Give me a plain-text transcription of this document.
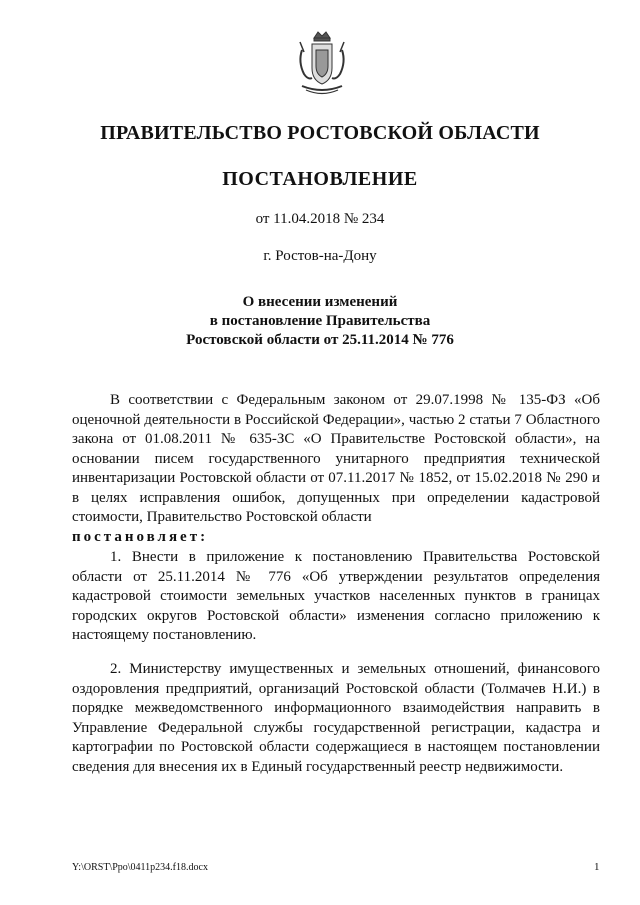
ПРАВИТЕЛЬСТВО РОСТОВСКОЙ ОБЛАСТИ
ПОСТАНОВЛЕНИЕ
от 11.04.2018 № 234
г. Ростов-на-Дону
О внесении изменений
в постановление Правительства
Ростовской области от 25.11.2014 № 776
В соответствии с Федеральным законом от 29.07.1998 № 135-ФЗ «Об оценочной деятельности в Российской Федерации», частью 2 статьи 7 Областного закона от 01.08.2011 № 635-ЗС «О Правительстве Ростовской области», на основании писем государственного унитарного предприятия технической инвентаризации Ростовской области от 07.11.2017 № 1852, от 15.02.2018 № 290 и в целях исправления ошибок, допущенных при определении кадастровой стоимости, Правительство Ростовской области
постановляет:
1. Внести в приложение к постановлению Правительства Ростовской области от 25.11.2014 № 776 «Об утверждении результатов определения кадастровой стоимости земельных участков населенных пунктов в границах городских округов Ростовской области» изменения согласно приложению к настоящему постановлению.
2. Министерству имущественных и земельных отношений, финансового оздоровления предприятий, организаций Ростовской области (Толмачев Н.И.) в порядке межведомственного информационного взаимодействия направить в Управление Федеральной службы государственной регистрации, кадастра и картографии по Ростовской области содержащиеся в настоящем постановлении сведения для внесения их в Единый государственный реестр недвижимости.
Y:\ORST\Ppo\0411p234.f18.docx	1
